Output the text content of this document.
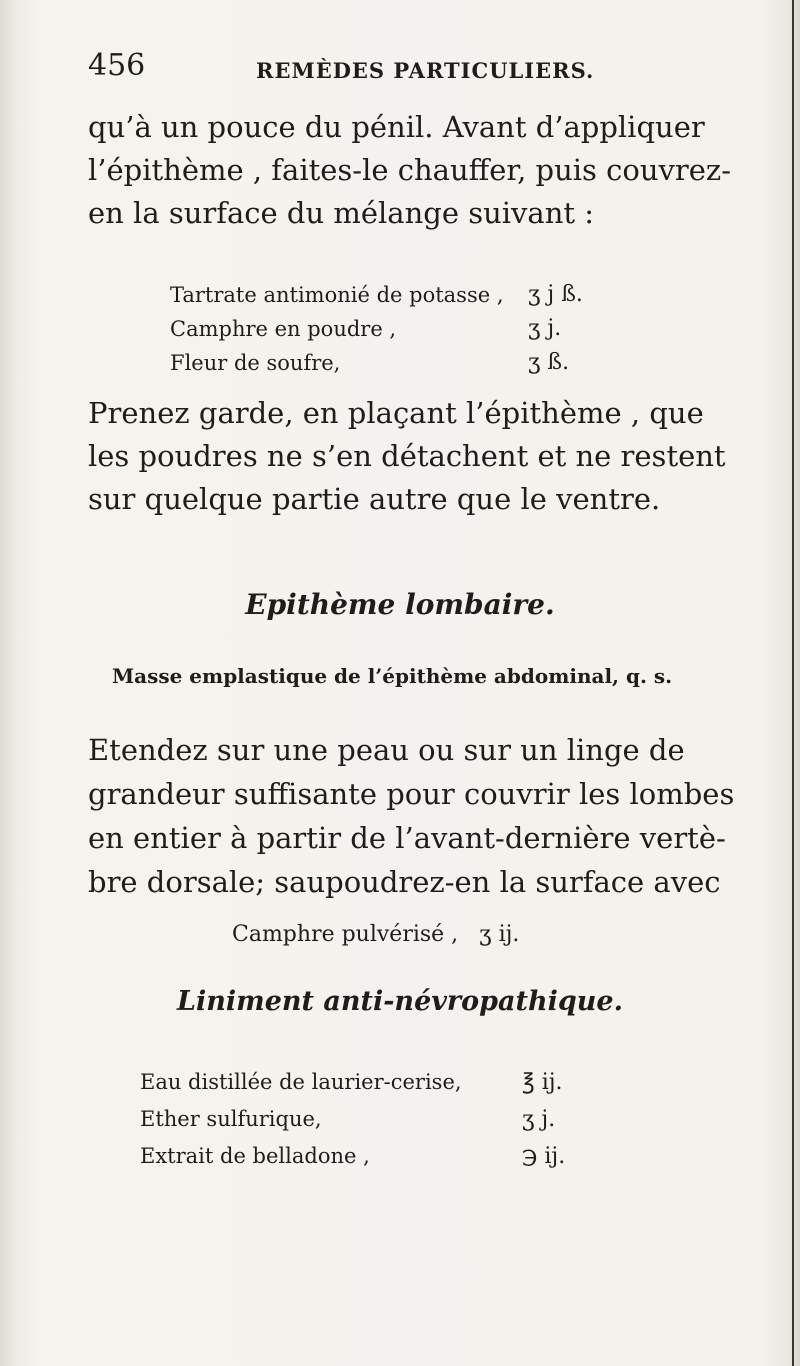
456	REMÈDES PARTICULIERS.

qu’à un pouce du pénil. Avant d’appliquer
l’épithème , faites-le chauffer, puis couvrez-
en la surface du mélange suivant :

Tartrate antimonié de potasse , ʒ j ß.
Camphre en poudre ,	ʒ j.
Fleur de soufre,	ʒ ß.

Prenez garde, en plaçant l’épithème , que
les poudres ne s’en détachent et ne restent
sur quelque partie autre que le ventre.

Epithème lombaire.
Masse emplastique de l’épithème abdominal, q. s.

Etendez sur une peau ou sur un linge de
grandeur suffisante pour couvrir les lombes
en entier à partir de l’avant-dernière vertè-
bre dorsale; saupoudrez-en la surface avec

Camphre pulvérisé ,   ʒ ij.
Liniment anti-névropathique.
Eau distillée de laurier-cerise,	℥ ij.
Ether sulfurique,	ʒ j.
Extrait de belladone ,	℈ ij.
